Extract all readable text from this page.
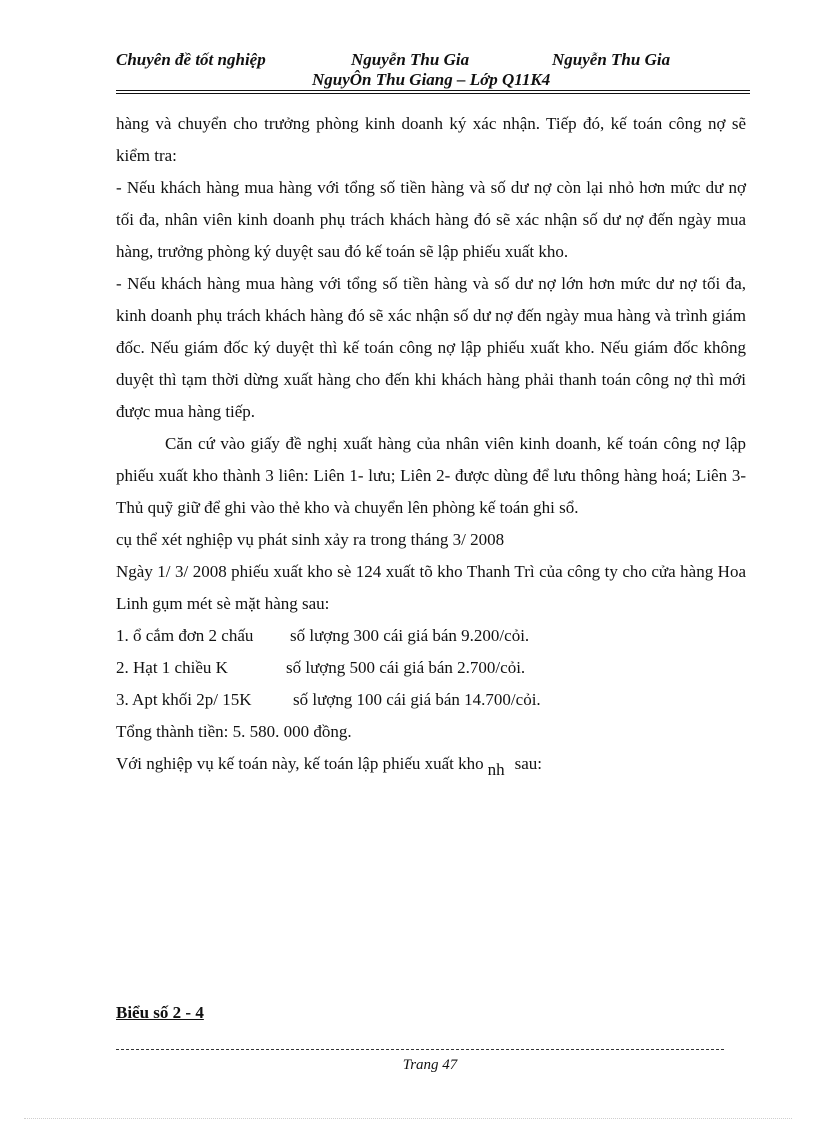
Chuyên đề tốt nghiệp	Nguyễn Thu Gia	Nguyễn Thu Gia
NguyÔn Thu Giang – Lớp Q11K4

hàng và chuyển cho trưởng phòng kinh doanh ký xác nhận. Tiếp đó, kế toán công nợ sẽ kiểm tra:

- Nếu khách hàng mua hàng với tổng số tiền hàng và số dư nợ còn lại nhỏ hơn mức dư nợ tối đa, nhân viên kinh doanh phụ trách khách hàng đó sẽ xác nhận số dư nợ đến ngày mua hàng, trưởng phòng ký duyệt sau đó kế toán sẽ lập phiếu xuất kho.

- Nếu khách hàng mua hàng với tổng số tiền hàng và số dư nợ lớn hơn mức dư nợ tối đa, kinh doanh phụ trách khách hàng đó sẽ xác nhận số dư nợ đến ngày mua hàng và trình giám đốc. Nếu giám đốc ký duyệt thì kế toán công nợ lập phiếu xuất kho. Nếu giám đốc không duyệt thì tạm thời dừng xuất hàng cho đến khi khách hàng phải thanh toán công nợ thì mới được mua hàng tiếp.

Căn cứ vào giấy đề nghị xuất hàng của nhân viên kinh doanh, kế toán công nợ lập phiếu xuất kho thành 3 liên: Liên 1- lưu; Liên 2- được dùng để lưu thông hàng hoá; Liên 3- Thủ quỹ giữ để ghi vào thẻ kho và chuyển lên phòng kế toán ghi sổ.

cụ thể xét nghiệp vụ phát sinh xảy ra trong tháng 3/ 2008

Ngày 1/ 3/ 2008 phiếu xuất kho sè 124 xuất tõ kho Thanh Trì của công ty cho cửa hàng Hoa Linh gụm mét sè mặt hàng sau:

1. ổ cắm đơn 2 chấu số lượng 300 cái giá bán 9.200/cỏi.
2. Hạt 1 chiều K	số lượng 500 cái giá bán 2.700/cỏi.
3. Apt khối 2p/ 15K số lượng 100 cái giá bán 14.700/cỏi.

Tổng thành tiền: 5. 580. 000 đồng.

Với nghiệp vụ kế toán này, kế toán lập phiếu xuất kho nh sau:

Biểu số 2 - 4
Trang 47
